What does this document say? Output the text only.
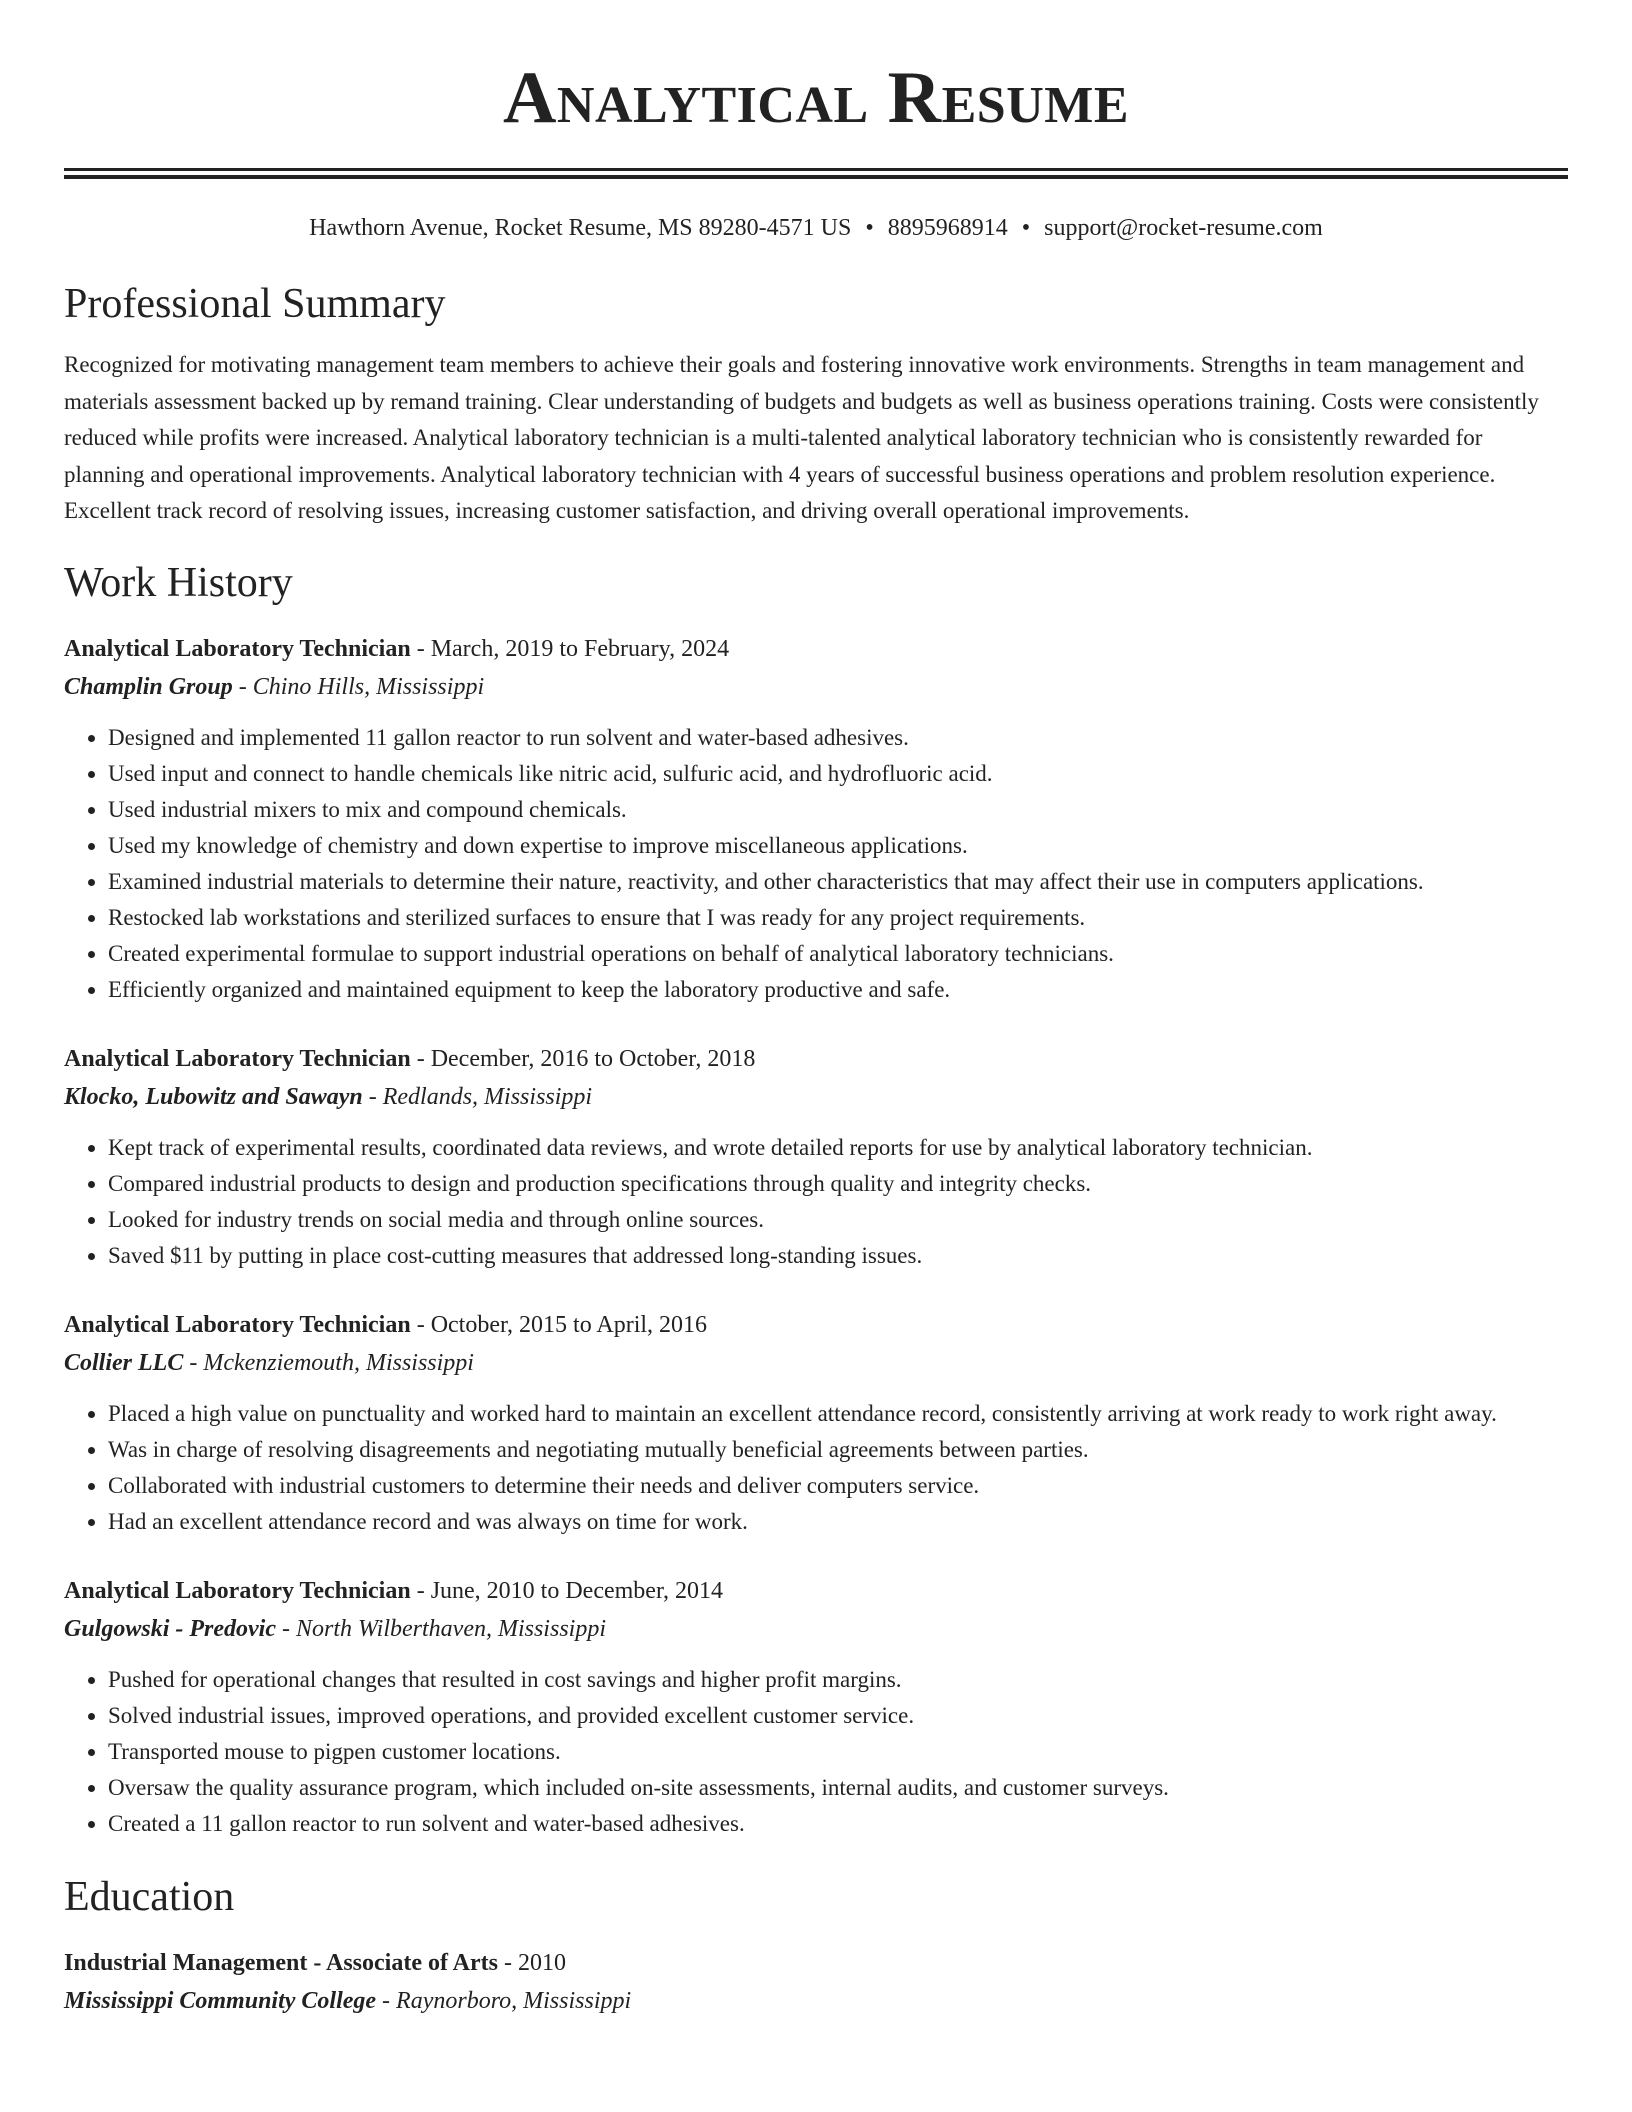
Analytical Resume
Hawthorn Avenue, Rocket Resume, MS 89280-4571 US • 8895968914 • support@rocket-resume.com
Professional Summary

Recognized for motivating management team members to achieve their goals and fostering innovative work environments. Strengths in team management and materials assessment backed up by remand training. Clear understanding of budgets and budgets as well as business operations training. Costs were consistently reduced while profits were increased. Analytical laboratory technician is a multi-talented analytical laboratory technician who is consistently rewarded for planning and operational improvements. Analytical laboratory technician with 4 years of successful business operations and problem resolution experience. Excellent track record of resolving issues, increasing customer satisfaction, and driving overall operational improvements.

Work History
Analytical Laboratory Technician - March, 2019 to February, 2024
Champlin Group - Chino Hills, Mississippi
• Designed and implemented 11 gallon reactor to run solvent and water-based adhesives.
• Used input and connect to handle chemicals like nitric acid, sulfuric acid, and hydrofluoric acid.
• Used industrial mixers to mix and compound chemicals.
• Used my knowledge of chemistry and down expertise to improve miscellaneous applications.
• Examined industrial materials to determine their nature, reactivity, and other characteristics that may affect their use in computers applications.
• Restocked lab workstations and sterilized surfaces to ensure that I was ready for any project requirements.
• Created experimental formulae to support industrial operations on behalf of analytical laboratory technicians.
• Efficiently organized and maintained equipment to keep the laboratory productive and safe.
Analytical Laboratory Technician - December, 2016 to October, 2018
Klocko, Lubowitz and Sawayn - Redlands, Mississippi
• Kept track of experimental results, coordinated data reviews, and wrote detailed reports for use by analytical laboratory technician.
• Compared industrial products to design and production specifications through quality and integrity checks.
• Looked for industry trends on social media and through online sources.
• Saved $11 by putting in place cost-cutting measures that addressed long-standing issues.
Analytical Laboratory Technician - October, 2015 to April, 2016
Collier LLC - Mckenziemouth, Mississippi
• Placed a high value on punctuality and worked hard to maintain an excellent attendance record, consistently arriving at work ready to work right away.
• Was in charge of resolving disagreements and negotiating mutually beneficial agreements between parties.
• Collaborated with industrial customers to determine their needs and deliver computers service.
• Had an excellent attendance record and was always on time for work.
Analytical Laboratory Technician - June, 2010 to December, 2014
Gulgowski - Predovic - North Wilberthaven, Mississippi
• Pushed for operational changes that resulted in cost savings and higher profit margins.
• Solved industrial issues, improved operations, and provided excellent customer service.
• Transported mouse to pigpen customer locations.
• Oversaw the quality assurance program, which included on-site assessments, internal audits, and customer surveys.
• Created a 11 gallon reactor to run solvent and water-based adhesives.
Education
Industrial Management - Associate of Arts - 2010
Mississippi Community College - Raynorboro, Mississippi
